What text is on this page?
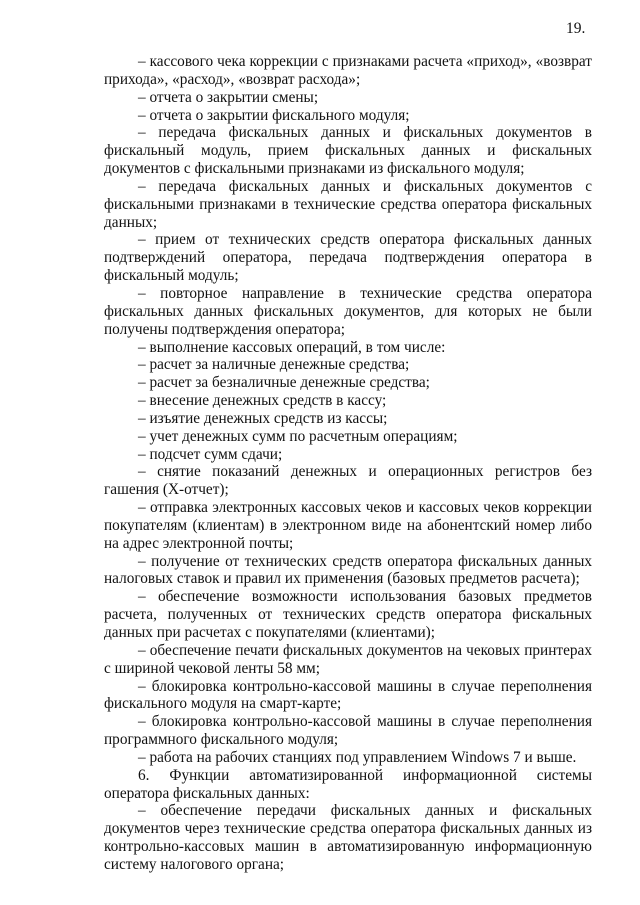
19.

– кассового чека коррекции с признаками расчета «приход», «возврат прихода», «расход», «возврат расхода»;

– отчета о закрытии смены;

– отчета о закрытии фискального модуля;

– передача фискальных данных и фискальных документов в фискальный модуль, прием фискальных данных и фискальных документов с фискальными признаками из фискального модуля;

– передача фискальных данных и фискальных документов с фискальными признаками в технические средства оператора фискальных данных;

– прием от технических средств оператора фискальных данных подтверждений оператора, передача подтверждения оператора в фискальный модуль;

– повторное направление в технические средства оператора фискальных данных фискальных документов, для которых не были получены подтверждения оператора;

– выполнение кассовых операций, в том числе:

– расчет за наличные денежные средства;

– расчет за безналичные денежные средства;

– внесение денежных средств в кассу;

– изъятие денежных средств из кассы;

– учет денежных сумм по расчетным операциям;

– подсчет сумм сдачи;

– снятие показаний денежных и операционных регистров без гашения (X-отчет);

– отправка электронных кассовых чеков и кассовых чеков коррекции покупателям (клиентам) в электронном виде на абонентский номер либо на адрес электронной почты;

– получение от технических средств оператора фискальных данных налоговых ставок и правил их применения (базовых предметов расчета);

– обеспечение возможности использования базовых предметов расчета, полученных от технических средств оператора фискальных данных при расчетах с покупателями (клиентами);

– обеспечение печати фискальных документов на чековых принтерах с шириной чековой ленты 58 мм;

– блокировка контрольно-кассовой машины в случае переполнения фискального модуля на смарт-карте;

– блокировка контрольно-кассовой машины в случае переполнения программного фискального модуля;

– работа на рабочих станциях под управлением Windows 7 и выше.

6. Функции автоматизированной информационной системы оператора фискальных данных:

– обеспечение передачи фискальных данных и фискальных документов через технические средства оператора фискальных данных из контрольно-кассовых машин в автоматизированную информационную систему налогового органа;
